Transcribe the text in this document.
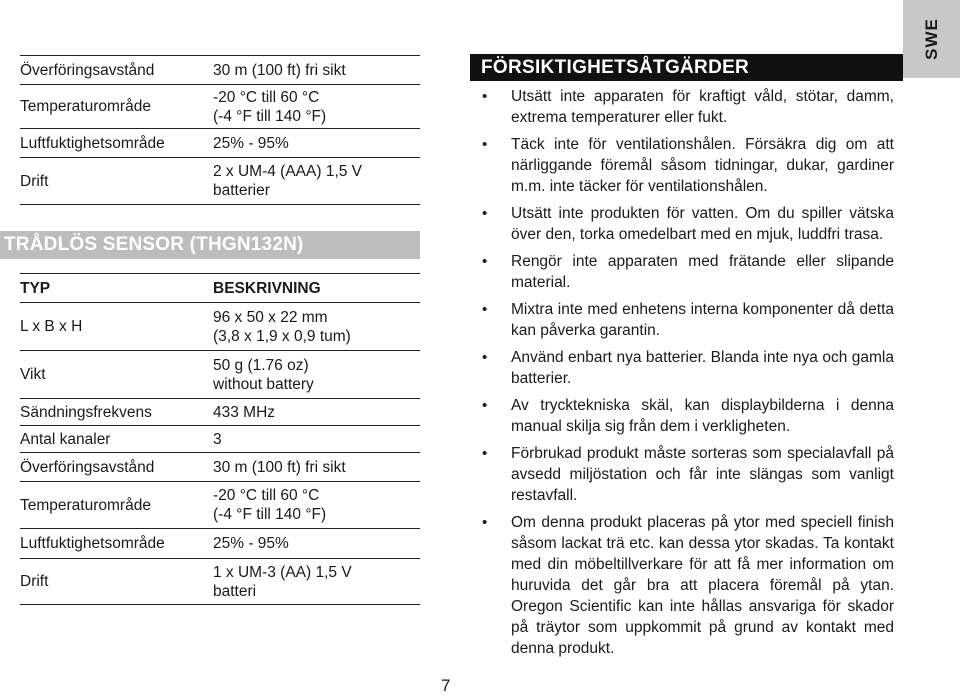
Överföringsavstånd	30 m (100 ft) fri sikt
Temperaturområde	-20 °C till 60 °C
(-4 °F till 140 °F)
Luftfuktighetsområde	25% - 95%
Drift	2 x UM-4 (AAA) 1,5 V
batterier
TRÅDLÖS SENSOR (THGN132N)
TYP	BESKRIVNING
L x B x H	96 x 50 x 22 mm
(3,8 x 1,9 x 0,9 tum)
Vikt	50 g (1.76 oz)
without battery
Sändningsfrekvens	433 MHz
Antal kanaler	3
Överföringsavstånd	30 m (100 ft) fri sikt
Temperaturområde	-20 °C till 60 °C
(-4 °F till 140 °F)
Luftfuktighetsområde	25% - 95%
Drift	1 x UM-3 (AA) 1,5 V
batteri
SWE
FÖRSIKTIGHETSÅTGÄRDER
• Utsätt inte apparaten för kraftigt våld, stötar, damm, extrema temperaturer eller fukt.
• Täck inte för ventilationshålen. Försäkra dig om att närliggande föremål såsom tidningar, dukar, gardiner m.m. inte täcker för ventilationshålen.
• Utsätt inte produkten för vatten. Om du spiller vätska över den, torka omedelbart med en mjuk, luddfri trasa.
• Rengör inte apparaten med frätande eller slipande material.
• Mixtra inte med enhetens interna komponenter då detta kan påverka garantin.
• Använd enbart nya batterier. Blanda inte nya och gamla batterier.
• Av trycktekniska skäl, kan displaybilderna i denna manual skilja sig från dem i verkligheten.
• Förbrukad produkt måste sorteras som specialavfall på avsedd miljöstation och får inte slängas som vanligt restavfall.
• Om denna produkt placeras på ytor med speciell finish såsom lackat trä etc. kan dessa ytor skadas. Ta kontakt med din möbeltillverkare för att få mer information om huruvida det går bra att placera föremål på ytan. Oregon Scientific kan inte hållas ansvariga för skador på träytor som uppkommit på grund av kontakt med denna produkt.
7
